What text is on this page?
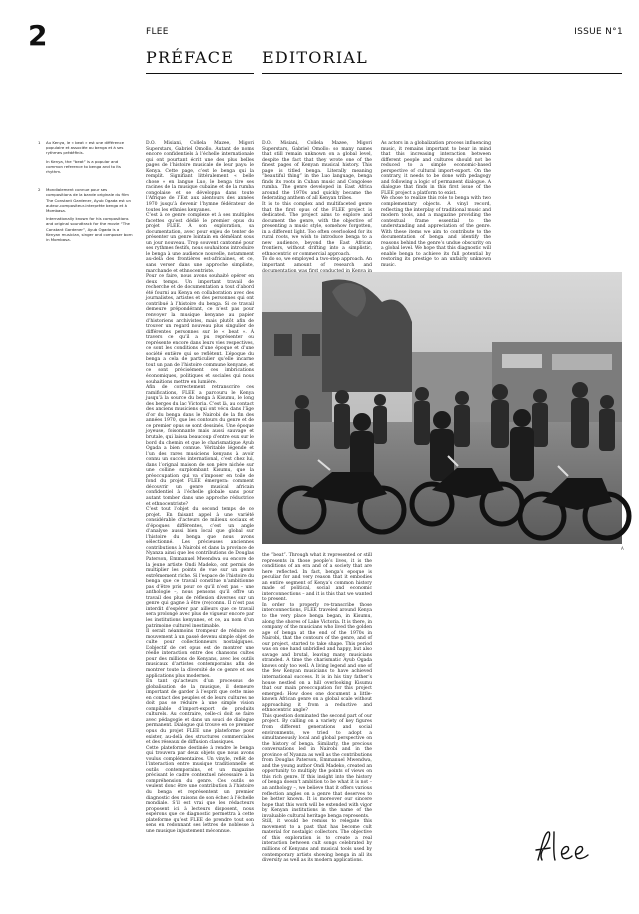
2	FLEE	ISSUE N°1
PRÉFACE EDITORIAL
1	Au Kenya, le « beat » est une différence populaire et associée au benga et à ses rythmes prédéfinis.

In Kenya, the “beat” is a popular and common reference to benga and to its rhythm.

2	Mondialement connue pour ses compositions de la bande originale du film The Constant Gardener, Ayub Ogada est un auteur-compositeur-interprète benga et à Mombasa.

Internationally known for his compositions and original soundtrack for the movie “The Constant Gardener”, Ayub Ogada is a Kenyan musician, singer and composer born in Mombasa.

D.O. Misiani, Collela Mazee, Migori Superstars, Gabriel Omollo. Autant de noms encore confidentiels à l’échelle internationale qui ont pourtant écrit une des plus belles pages de l’histoire musicale de leur pays: le Kenya. Cette page, c’est le benga qui la remplit. Signifiant littéralement « belle chose » en langue Luo, le benga tire ses racines de la musique cubaine et de la rumba congolaise et se développa dans toute l’Afrique de l’Est aux alentours des années 1970 jusqu’à devenir l’hymne fédérateur de toutes les ethnies kenyanes.

C’est à ce genre complexe et à ses multiples facettes qu’est dédié le premier opus du projet FLEE. À son exploration, sa documentation, avec pour enjeu de tenter de présenter un genre lointain en démêlant sous un jour nouveau. Trop souvent cantonné pour ses rythmes festifs, nous souhaitons introduire le benga à une audience nouvelle, notamment au-delà des frontières est-africaines, et ce, sans verser dans une approche simpliste, marchande et ethnocentriste.

Pour ce faire, nous avons souhaité opérer en deux temps. Un important travail de recherche et de documentation a tout d’abord été fourni au Kenya en collaboration avec des journalistes, artistes et des personnes qui ont contribué à l’histoire du benga. Si ce travail demeure prépondérant, ce n’est pas pour renvoyer la musique kenyane au papier d’historiens archivistes, mais plutôt afin de trouver un regard nouveau plus singulier de différentes personnes sur le « beat ». À travers ce qu’il a pu représenter ou représente encore dans leurs vies respectives, ce sont les conditions d’une époque et d’une société entière qui se reflètent. L’époque du benga a cela de particulier qu’elle incarne tout un pan de l’histoire commune kenyane, et ce sont précisément ces imbrications économiques, politiques et sociales qui nous souhaitions mettre en lumière.

Afin de correctement retranscrire ces ramifications, FLEE a parcouru le Kenya jusqu’à la source du benga à Kisumu, le long des berges du lac Victoria. C’est là, au contact des anciens musiciens qui ont vécu dans l’âge d’or du benga dans le Nairobi de la fin des années 1970, que les contours du genre et de ce premier opus se sont dessinés. Une époque joyeuse, foisonnante mais aussi sauvage et brutale, qui laissa beaucoup d’entre eux sur le bord du chemin et que le charismatique Ayub Ogada a bien connue. Véritable légende et l’un des rares musiciens kenyans à avoir connu un succès international, c’est chez lui, dans l’orignal maison de son père nichée sur une colline surplombant Kisumu, que la préoccupation qui va s’imposer en toile de fond du projet FLEE émergera: comment découvrir un genre musical africain confidentiel à l’échelle globale sans pour autant tomber dans une approche réductrice et ethnocentriste?

C’est tout l’objet du second temps de ce projet. En faisant appel à une variété considérable d’acteurs de milieux sociaux et d’époques différentes, c’est un angle d’analyse aussi bien local que global sur l’histoire du benga que nous avons sélectionné. Les précieuses anciennes contributions à Nairobi et dans la province de Nyanza ainsi que les contributions de Douglas Paterson, Emmanuel Mwendwa ou encore de la jeune artiste Ondi Madeko, ont permis de multiplier les points de vue sur un genre extrêmement riche. Si l’espace de l’histoire du benga que ce travail constitue n’ambitionne pas d’être pris pour ce qu’il n’est pas – une anthologie –, nous pensons qu’il offre un travail des plus de réflexion diverses sur un genre qui gagne à être (re)connu. Il n’est pas interdit d’espérer par ailleurs que ce travail sera prolongé avec plus de vigueur encore par les institutions kenyanes, et ce, au nom d’un patrimoine culturel inestimable.

Il serait néanmoins trompeur de réduire ce mouvement à un passé devenu simple objet de culte pour collectionneurs nostalgiques. L’objectif de cet opus est de montrer une réelle interaction entre des chansons cultes pour des millions de Kenyans, avec les outils musicaux d’artistes contemporains afin de montrer toute la diversité de ce genre et ses applications plus modernes.

En tant qu’acteurs d’un processus de globalisation de la musique, il demeure important de garder à l’esprit que cette mise en contact des peuples et de leurs cultures ne doit pas se réduire à une simple vision compilable d’import-export de produits culturels. Au contraire, celle-ci doit se faire avec pédagogie et dans un souci de dialogue permanent. Dialogue qui trouve en ce premier opus du projet FLEE une plateforme pour exister, au-delà des structures commerciales et des réseaux de diffusion classiques.

Cette plateforme destinée à rendre le benga qui trouvera par deux objets que nous avons voulus complémentaires. Un vinyle, reflét de l’interaction entre musique traditionnelle et outils contemporains, et un magazine précisant le cadre contextuel nécessaire à la compréhension du genre. Ces outils se veulent donc être une contribution à l’histoire du benga et représentent un premier diagnostic des raisons de son échec à l’échelle mondiale. S’il est vrai que les rédacteurs proposent ici à lecteurs disposent, nous espérons que ce diagnostic permettra à cette plateforme qu’est FLEE de prendre tout son sens en redonnant ses lettres de noblesse à une musique injustement méconnue.

D.O. Misiani, Collela Mazee, Migori Superstars, Gabriel Omollo: so many names that still remain unknown on a global level, despite the fact that they wrote one of the finest pages of Kenyan musical history. This page is titled benga. Literally meaning “beautiful thing” in the Luo language, benga finds its roots in Cuban music and Congolese rumba. The genre developed in East Africa around the 1970s and quickly became the federating anthem of all Kenyan tribes.

It is to this complex and multifaceted genre that the first opus of the FLEE project is dedicated. The project aims to explore and document the genre, with the objective of presenting a music style, somehow forgotten, in a different light. Too often overlooked for its rural roots, we wish to introduce benga to a new audience, beyond the East African frontiers, without drifting into a simplistic, ethnocentric or commercial approach.

To do so, we employed a two-step approach. An important amount of research and

As actors in a globalization process influencing music, it remains important to bear in mind that this increasing interaction between different people and cultures should not be reduced to a simple economic-based perspective of cultural import-export. On the contrary, it needs to be done with pedagogy and following a logic of permanent dialogue. A dialogue that finds in this first issue of the FLEE project a platform to exist.

We chose to realize this role to benga with two complementary objects. A vinyl record, reflecting the interplay of traditional music and modern tools, and a magazine providing the contextual frame essential to the understanding and appreciation of the genre. With these items we aim to contribute to the documentation of benga and identify the reasons behind the genre’s undue obscurity on a global level. We hope that this diagnostic will enable benga to achieve its full potential by restoring its prestige to an unfairly unknown music.

A

the “beat”. Through what it represented or still represents in those people’s lives, it is the conditions of an era and of a society that are here reflected. In fact, benga’s epoque is peculiar for and very reason that it embodies an entire segment of Kenya’s common history made of political, social and economic interconnections – and it is this that we wanted to present.

In order to properly re-transcribe those interconnections, FLEE traveled around Kenya to the very place benga began, in Kisumu, along the shores of Lake Victoria. It is there, in company of the musicians who lived the golden age of benga at the end of the 1970s in Nairobi, that the contours of the genre, and of our project, started to take shape. This period was on one hand unbridled and happy, but also savage and brutal, leaving many musicians stranded. A time the charismatic Ayub Ogada knows only too well. A living legend and one of the few Kenyan musicians to have achieved international success. It is in his tiny father’s house nestled on a hill overlooking Kisumu that our main preoccupation for this project emerged: How does one document a little-known African genre on a global scale without approaching it from a reductive and ethnocentric angle?

This question dominated the second part of our project. By calling on a variety of key figures from different generations and social environments, we tried to adopt a simultaneously local and global perspective on the history of benga. Similarly, the precious conversations led in Nairobi and in the province of Nyanza as well as the contributions from Douglas Paterson, Emmanuel Mwendwa, and the young author Ondi Madeko, created an opportunity to multiply the points of views on this rich genre. If this insight into the history of benga doesn’t ambition to be what it is not – an anthology –, we believe that it offers various reflection angles on a genre that deserves to be better known. It is moreover our sincere hope that this work will be extended with vigor by Kenyan institutions in the name of the invaluable cultural heritage benga represents.

Still, it would be remiss to relegate this movement to a past that has become cult material for nostalgic collectors. The objective of this exploration is to create a real interaction between cult songs celebrated by millions of Kenyans and musical tools used by contemporary artists showing benga in all its diversity as well as its modern applications.
